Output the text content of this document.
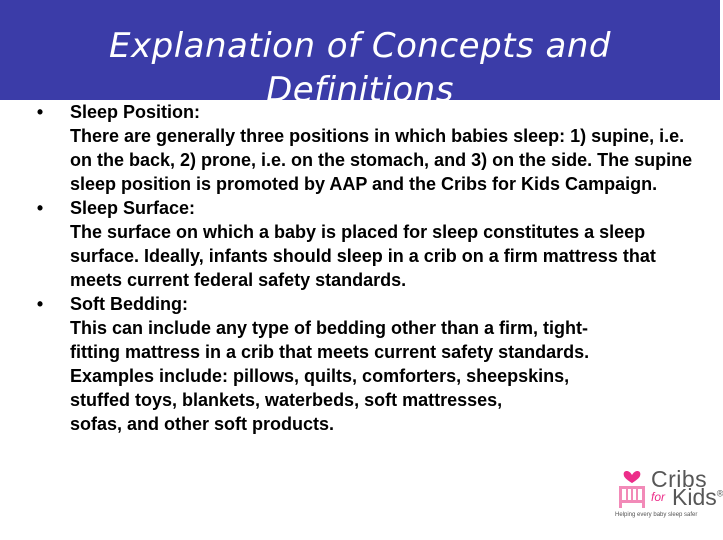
Explanation of Concepts and Definitions
•	Sleep Position:
There are generally three positions in which babies sleep: 1) supine, i.e. on the back, 2) prone, i.e. on the stomach, and 3) on the side. The supine sleep position is promoted by AAP and the Cribs for Kids Campaign.
•	Sleep Surface:
The surface on which a baby is placed for sleep constitutes a sleep surface. Ideally, infants should sleep in a crib on a firm mattress that meets current federal safety standards.
•	Soft Bedding:
This can include any type of bedding other than a firm, tight-
fitting mattress in a crib that meets current safety standards.
Examples include: pillows, quilts, comforters, sheepskins,
stuffed toys, blankets, waterbeds, soft mattresses,
sofas, and other soft products.
Cribs
for Kids®
Helping every baby sleep safer
